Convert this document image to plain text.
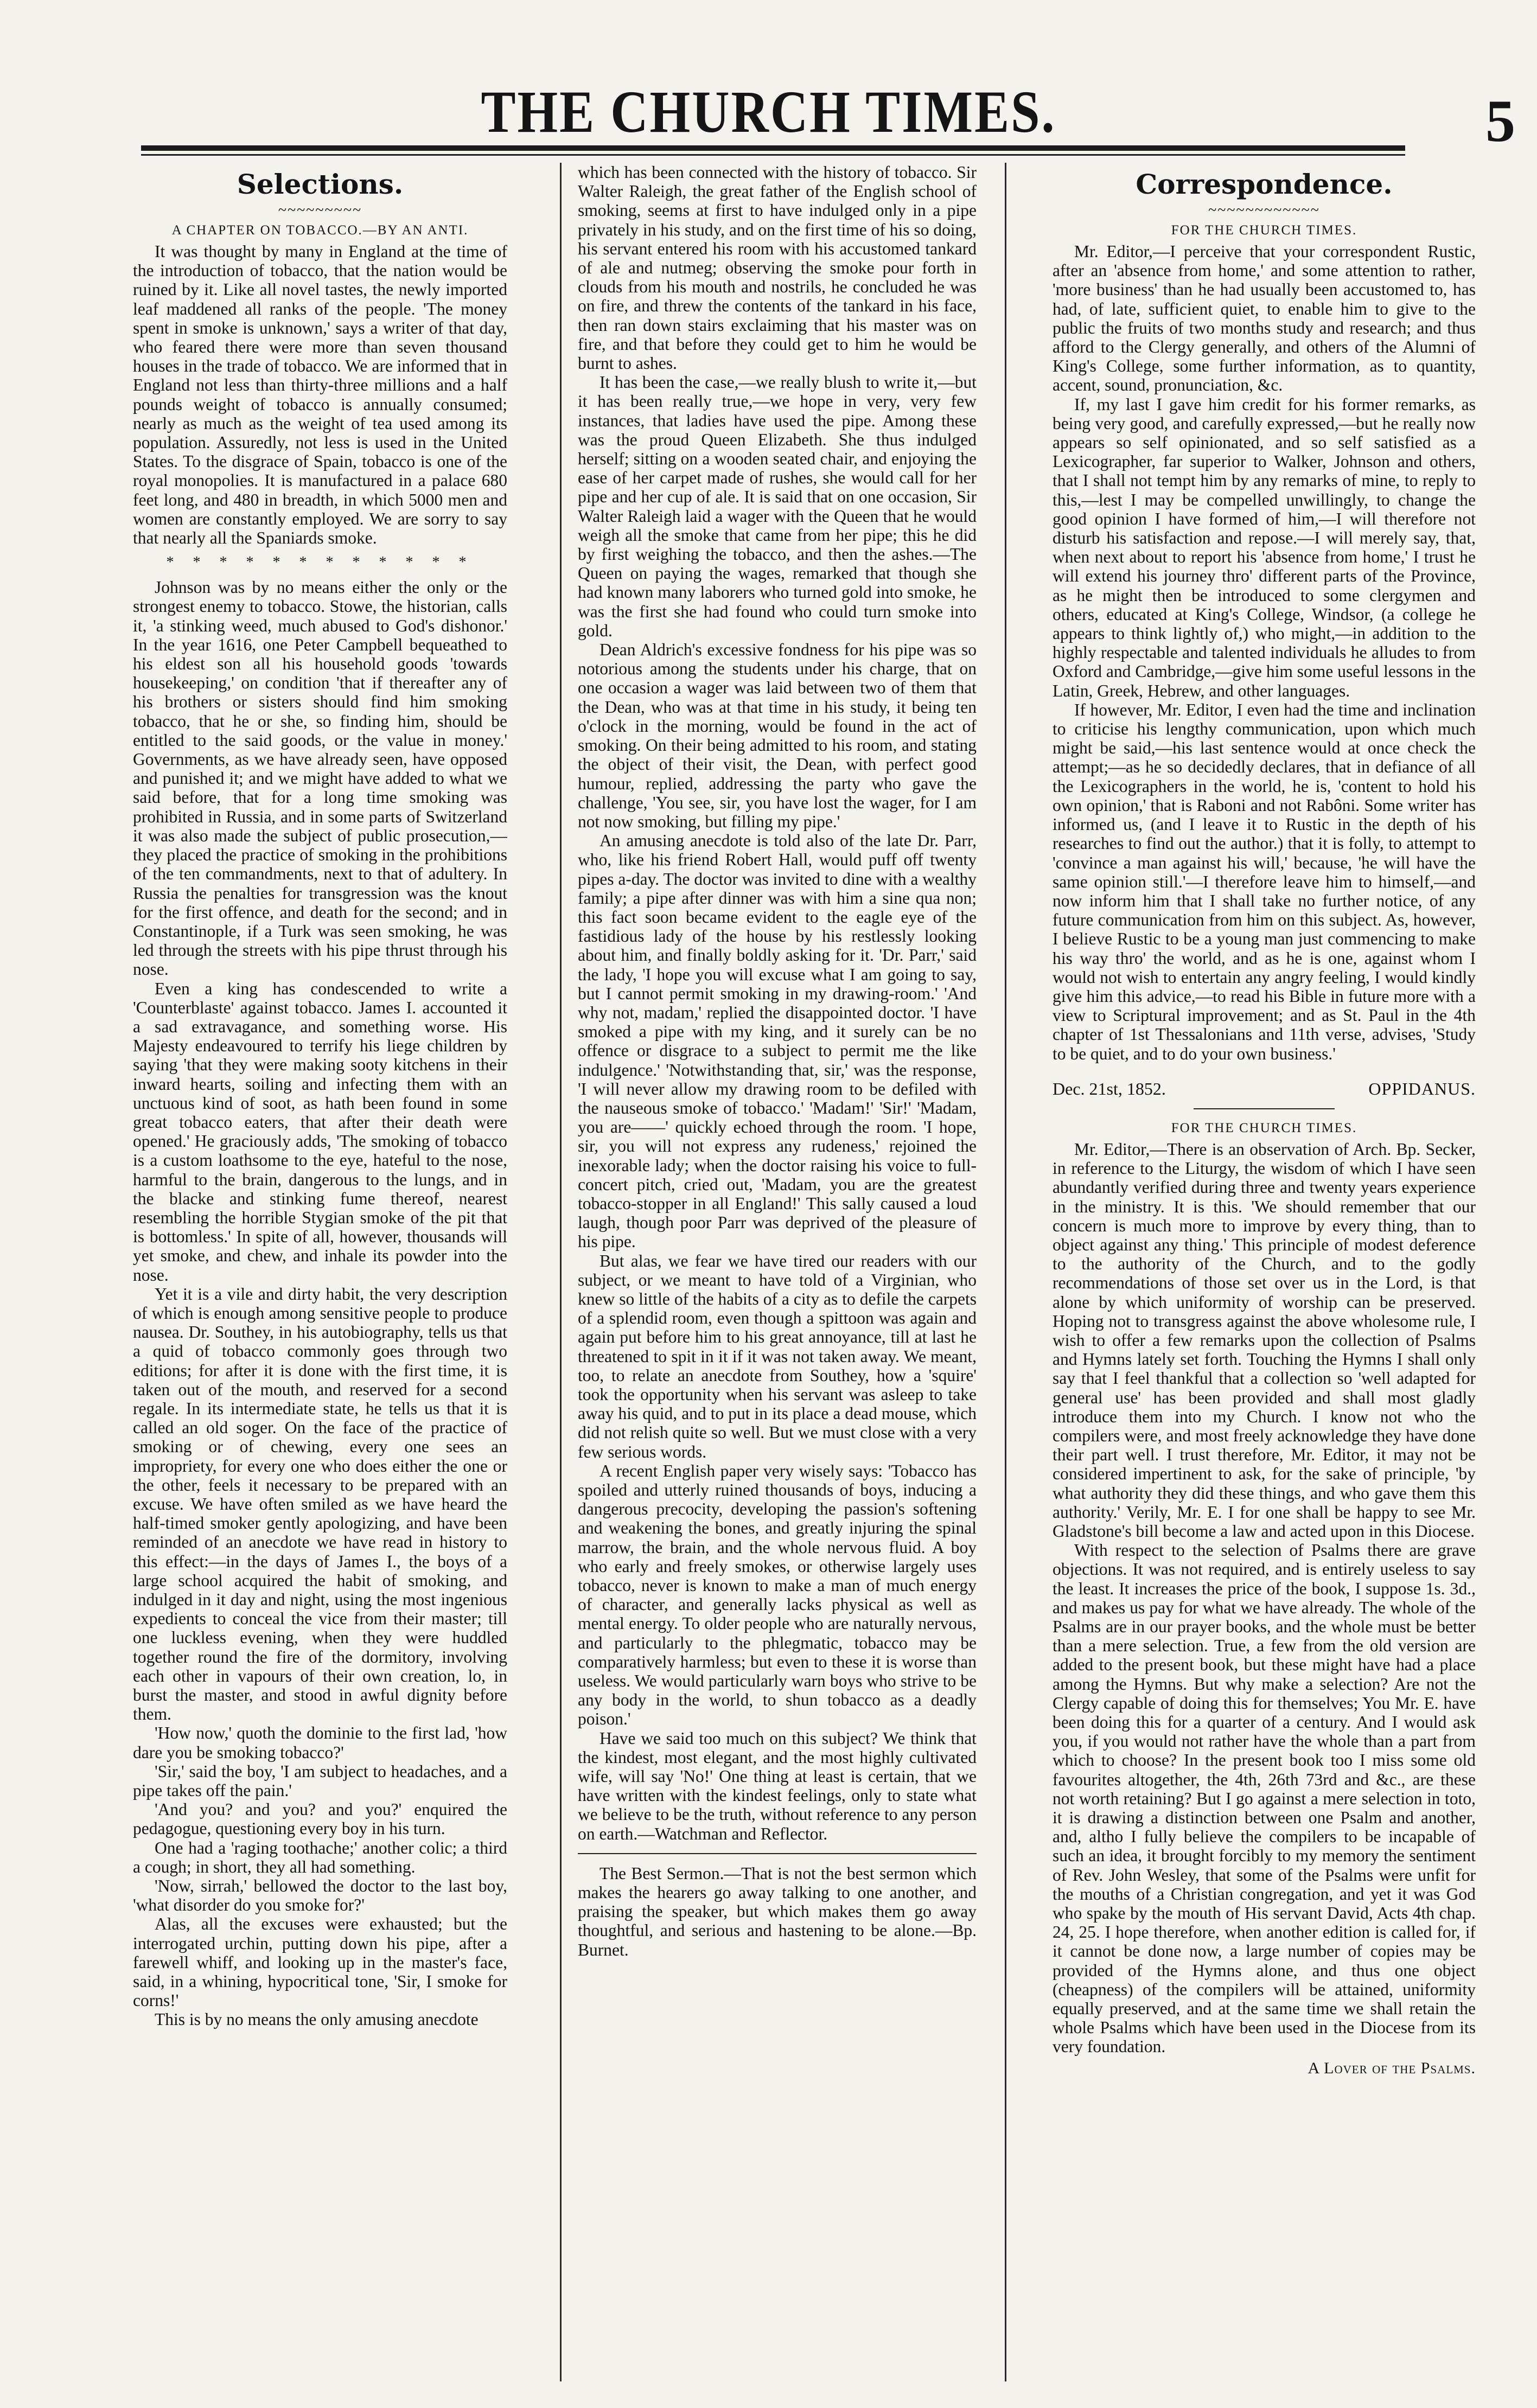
THE CHURCH TIMES.	5
Selections.
~~~~~~~~~
A CHAPTER ON TOBACCO.—BY AN ANTI.

It was thought by many in England at the time of the introduction of tobacco, that the nation would be ruined by it. Like all novel tastes, the newly imported leaf maddened all ranks of the people. 'The money spent in smoke is unknown,' says a writer of that day, who feared there were more than seven thousand houses in the trade of tobacco. We are informed that in England not less than thirty-three millions and a half pounds weight of tobacco is annually consumed; nearly as much as the weight of tea used among its population. Assuredly, not less is used in the United States. To the disgrace of Spain, tobacco is one of the royal monopolies. It is manufactured in a palace 680 feet long, and 480 in breadth, in which 5000 men and women are constantly employed. We are sorry to say that nearly all the Spaniards smoke.

* * * * * * * * * * * *

Johnson was by no means either the only or the strongest enemy to tobacco. Stowe, the historian, calls it, 'a stinking weed, much abused to God's dishonor.' In the year 1616, one Peter Campbell bequeathed to his eldest son all his household goods 'towards housekeeping,' on condition 'that if thereafter any of his brothers or sisters should find him smoking tobacco, that he or she, so finding him, should be entitled to the said goods, or the value in money.' Governments, as we have already seen, have opposed and punished it; and we might have added to what we said before, that for a long time smoking was prohibited in Russia, and in some parts of Switzerland it was also made the subject of public prosecution,—they placed the practice of smoking in the prohibitions of the ten commandments, next to that of adultery. In Russia the penalties for transgression was the knout for the first offence, and death for the second; and in Constantinople, if a Turk was seen smoking, he was led through the streets with his pipe thrust through his nose.

Even a king has condescended to write a 'Counterblaste' against tobacco. James I. accounted it a sad extravagance, and something worse. His Majesty endeavoured to terrify his liege children by saying 'that they were making sooty kitchens in their inward hearts, soiling and infecting them with an unctuous kind of soot, as hath been found in some great tobacco eaters, that after their death were opened.' He graciously adds, 'The smoking of tobacco is a custom loathsome to the eye, hateful to the nose, harmful to the brain, dangerous to the lungs, and in the blacke and stinking fume thereof, nearest resembling the horrible Stygian smoke of the pit that is bottomless.' In spite of all, however, thousands will yet smoke, and chew, and inhale its powder into the nose.

Yet it is a vile and dirty habit, the very description of which is enough among sensitive people to produce nausea. Dr. Southey, in his autobiography, tells us that a quid of tobacco commonly goes through two editions; for after it is done with the first time, it is taken out of the mouth, and reserved for a second regale. In its intermediate state, he tells us that it is called an old soger. On the face of the practice of smoking or of chewing, every one sees an impropriety, for every one who does either the one or the other, feels it necessary to be prepared with an excuse. We have often smiled as we have heard the half-timed smoker gently apologizing, and have been reminded of an anecdote we have read in history to this effect:—in the days of James I., the boys of a large school acquired the habit of smoking, and indulged in it day and night, using the most ingenious expedients to conceal the vice from their master; till one luckless evening, when they were huddled together round the fire of the dormitory, involving each other in vapours of their own creation, lo, in burst the master, and stood in awful dignity before them.

'How now,' quoth the dominie to the first lad, 'how dare you be smoking tobacco?'

'Sir,' said the boy, 'I am subject to headaches, and a pipe takes off the pain.'

'And you? and you? and you?' enquired the pedagogue, questioning every boy in his turn.

One had a 'raging toothache;' another colic; a third a cough; in short, they all had something.

'Now, sirrah,' bellowed the doctor to the last boy, 'what disorder do you smoke for?'

Alas, all the excuses were exhausted; but the interrogated urchin, putting down his pipe, after a farewell whiff, and looking up in the master's face, said, in a whining, hypocritical tone, 'Sir, I smoke for corns!'

This is by no means the only amusing anecdote

which has been connected with the history of tobacco. Sir Walter Raleigh, the great father of the English school of smoking, seems at first to have indulged only in a pipe privately in his study, and on the first time of his so doing, his servant entered his room with his accustomed tankard of ale and nutmeg; observing the smoke pour forth in clouds from his mouth and nostrils, he concluded he was on fire, and threw the contents of the tankard in his face, then ran down stairs exclaiming that his master was on fire, and that before they could get to him he would be burnt to ashes.

It has been the case,—we really blush to write it,—but it has been really true,—we hope in very, very few instances, that ladies have used the pipe. Among these was the proud Queen Elizabeth. She thus indulged herself; sitting on a wooden seated chair, and enjoying the ease of her carpet made of rushes, she would call for her pipe and her cup of ale. It is said that on one occasion, Sir Walter Raleigh laid a wager with the Queen that he would weigh all the smoke that came from her pipe; this he did by first weighing the tobacco, and then the ashes.—The Queen on paying the wages, remarked that though she had known many laborers who turned gold into smoke, he was the first she had found who could turn smoke into gold.

Dean Aldrich's excessive fondness for his pipe was so notorious among the students under his charge, that on one occasion a wager was laid between two of them that the Dean, who was at that time in his study, it being ten o'clock in the morning, would be found in the act of smoking. On their being admitted to his room, and stating the object of their visit, the Dean, with perfect good humour, replied, addressing the party who gave the challenge, 'You see, sir, you have lost the wager, for I am not now smoking, but filling my pipe.'

An amusing anecdote is told also of the late Dr. Parr, who, like his friend Robert Hall, would puff off twenty pipes a-day. The doctor was invited to dine with a wealthy family; a pipe after dinner was with him a sine qua non; this fact soon became evident to the eagle eye of the fastidious lady of the house by his restlessly looking about him, and finally boldly asking for it. 'Dr. Parr,' said the lady, 'I hope you will excuse what I am going to say, but I cannot permit smoking in my drawing-room.' 'And why not, madam,' replied the disappointed doctor. 'I have smoked a pipe with my king, and it surely can be no offence or disgrace to a subject to permit me the like indulgence.' 'Notwithstanding that, sir,' was the response, 'I will never allow my drawing room to be defiled with the nauseous smoke of tobacco.' 'Madam!' 'Sir!' 'Madam, you are——' quickly echoed through the room. 'I hope, sir, you will not express any rudeness,' rejoined the inexorable lady; when the doctor raising his voice to full-concert pitch, cried out, 'Madam, you are the greatest tobacco-stopper in all England!' This sally caused a loud laugh, though poor Parr was deprived of the pleasure of his pipe.

But alas, we fear we have tired our readers with our subject, or we meant to have told of a Virginian, who knew so little of the habits of a city as to defile the carpets of a splendid room, even though a spittoon was again and again put before him to his great annoyance, till at last he threatened to spit in it if it was not taken away. We meant, too, to relate an anecdote from Southey, how a 'squire' took the opportunity when his servant was asleep to take away his quid, and to put in its place a dead mouse, which did not relish quite so well. But we must close with a very few serious words.

A recent English paper very wisely says: 'Tobacco has spoiled and utterly ruined thousands of boys, inducing a dangerous precocity, developing the passion's softening and weakening the bones, and greatly injuring the spinal marrow, the brain, and the whole nervous fluid. A boy who early and freely smokes, or otherwise largely uses tobacco, never is known to make a man of much energy of character, and generally lacks physical as well as mental energy. To older people who are naturally nervous, and particularly to the phlegmatic, tobacco may be comparatively harmless; but even to these it is worse than useless. We would particularly warn boys who strive to be any body in the world, to shun tobacco as a deadly poison.'

Have we said too much on this subject? We think that the kindest, most elegant, and the most highly cultivated wife, will say 'No!' One thing at least is certain, that we have written with the kindest feelings, only to state what we believe to be the truth, without reference to any person on earth.—Watchman and Reflector.

The Best Sermon.—That is not the best sermon which makes the hearers go away talking to one another, and praising the speaker, but which makes them go away thoughtful, and serious and hastening to be alone.—Bp. Burnet.

Correspondence.
~~~~~~~~~~~~
FOR THE CHURCH TIMES.

Mr. Editor,—I perceive that your correspondent Rustic, after an 'absence from home,' and some attention to rather, 'more business' than he had usually been accustomed to, has had, of late, sufficient quiet, to enable him to give to the public the fruits of two months study and research; and thus afford to the Clergy generally, and others of the Alumni of King's College, some further information, as to quantity, accent, sound, pronunciation, &c.

If, my last I gave him credit for his former remarks, as being very good, and carefully expressed,—but he really now appears so self opinionated, and so self satisfied as a Lexicographer, far superior to Walker, Johnson and others, that I shall not tempt him by any remarks of mine, to reply to this,—lest I may be compelled unwillingly, to change the good opinion I have formed of him,—I will therefore not disturb his satisfaction and repose.—I will merely say, that, when next about to report his 'absence from home,' I trust he will extend his journey thro' different parts of the Province, as he might then be introduced to some clergymen and others, educated at King's College, Windsor, (a college he appears to think lightly of,) who might,—in addition to the highly respectable and talented individuals he alludes to from Oxford and Cambridge,—give him some useful lessons in the Latin, Greek, Hebrew, and other languages.

If however, Mr. Editor, I even had the time and inclination to criticise his lengthy communication, upon which much might be said,—his last sentence would at once check the attempt;—as he so decidedly declares, that in defiance of all the Lexicographers in the world, he is, 'content to hold his own opinion,' that is Raboni and not Rabôni. Some writer has informed us, (and I leave it to Rustic in the depth of his researches to find out the author.) that it is folly, to attempt to 'convince a man against his will,' because, 'he will have the same opinion still.'—I therefore leave him to himself,—and now inform him that I shall take no further notice, of any future communication from him on this subject. As, however, I believe Rustic to be a young man just commencing to make his way thro' the world, and as he is one, against whom I would not wish to entertain any angry feeling, I would kindly give him this advice,—to read his Bible in future more with a view to Scriptural improvement; and as St. Paul in the 4th chapter of 1st Thessalonians and 11th verse, advises, 'Study to be quiet, and to do your own business.'

Dec. 21st, 1852.	OPPIDANUS.
FOR THE CHURCH TIMES.

Mr. Editor,—There is an observation of Arch. Bp. Secker, in reference to the Liturgy, the wisdom of which I have seen abundantly verified during three and twenty years experience in the ministry. It is this. 'We should remember that our concern is much more to improve by every thing, than to object against any thing.' This principle of modest deference to the authority of the Church, and to the godly recommendations of those set over us in the Lord, is that alone by which uniformity of worship can be preserved. Hoping not to transgress against the above wholesome rule, I wish to offer a few remarks upon the collection of Psalms and Hymns lately set forth. Touching the Hymns I shall only say that I feel thankful that a collection so 'well adapted for general use' has been provided and shall most gladly introduce them into my Church. I know not who the compilers were, and most freely acknowledge they have done their part well. I trust therefore, Mr. Editor, it may not be considered impertinent to ask, for the sake of principle, 'by what authority they did these things, and who gave them this authority.' Verily, Mr. E. I for one shall be happy to see Mr. Gladstone's bill become a law and acted upon in this Diocese.

With respect to the selection of Psalms there are grave objections. It was not required, and is entirely useless to say the least. It increases the price of the book, I suppose 1s. 3d., and makes us pay for what we have already. The whole of the Psalms are in our prayer books, and the whole must be better than a mere selection. True, a few from the old version are added to the present book, but these might have had a place among the Hymns. But why make a selection? Are not the Clergy capable of doing this for themselves; You Mr. E. have been doing this for a quarter of a century. And I would ask you, if you would not rather have the whole than a part from which to choose? In the present book too I miss some old favourites altogether, the 4th, 26th 73rd and &c., are these not worth retaining? But I go against a mere selection in toto, it is drawing a distinction between one Psalm and another, and, altho I fully believe the compilers to be incapable of such an idea, it brought forcibly to my memory the sentiment of Rev. John Wesley, that some of the Psalms were unfit for the mouths of a Christian congregation, and yet it was God who spake by the mouth of His servant David, Acts 4th chap. 24, 25. I hope therefore, when another edition is called for, if it cannot be done now, a large number of copies may be provided of the Hymns alone, and thus one object (cheapness) of the compilers will be attained, uniformity equally preserved, and at the same time we shall retain the whole Psalms which have been used in the Diocese from its very foundation.

A Lover of the Psalms.
